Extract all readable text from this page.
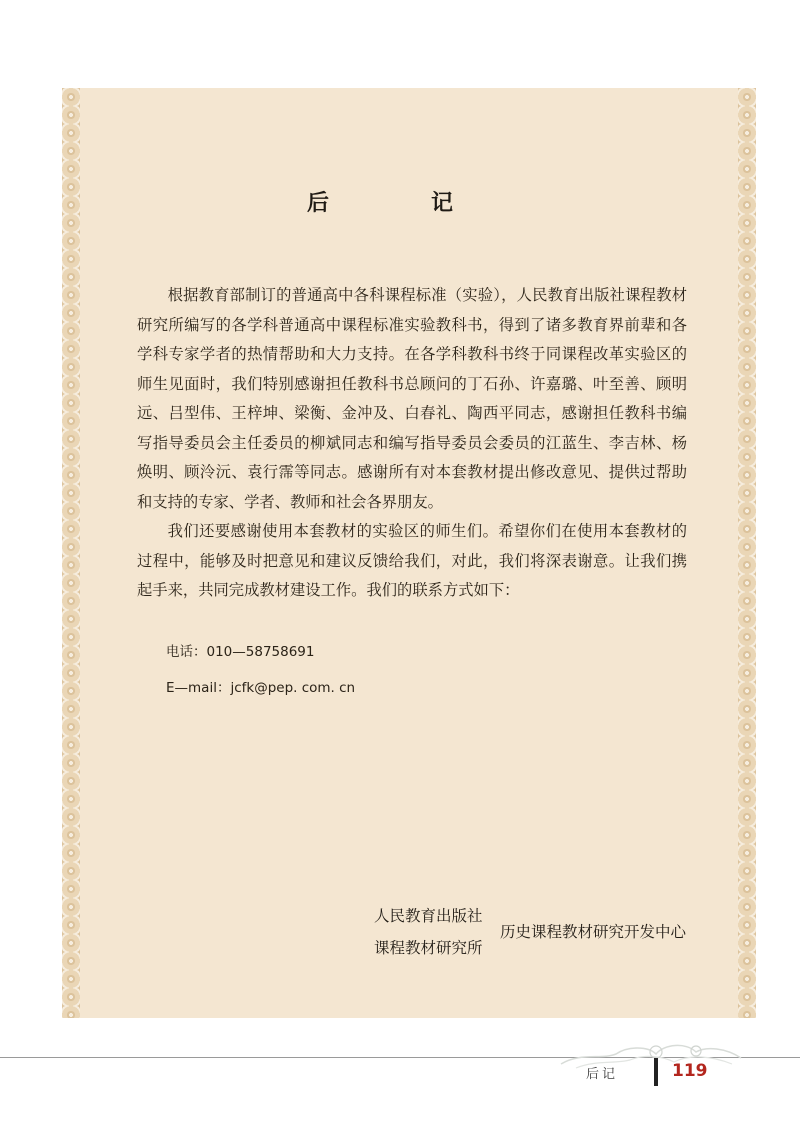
后　记

根据教育部制订的普通高中各科课程标准（实验），人民教育出版社课程教材研究所编写的各学科普通高中课程标准实验教科书，得到了诸多教育界前辈和各学科专家学者的热情帮助和大力支持。在各学科教科书终于同课程改革实验区的师生见面时，我们特别感谢担任教科书总顾问的丁石孙、许嘉璐、叶至善、顾明远、吕型伟、王梓坤、梁衡、金冲及、白春礼、陶西平同志，感谢担任教科书编写指导委员会主任委员的柳斌同志和编写指导委员会委员的江蓝生、李吉林、杨焕明、顾泠沅、袁行霈等同志。感谢所有对本套教材提出修改意见、提供过帮助和支持的专家、学者、教师和社会各界朋友。

我们还要感谢使用本套教材的实验区的师生们。希望你们在使用本套教材的过程中，能够及时把意见和建议反馈给我们，对此，我们将深表谢意。让我们携起手来，共同完成教材建设工作。我们的联系方式如下：

电话：010—58758691
E—mail：jcfk@pep. com. cn
人民教育出版社
课程教材研究所
历史课程教材研究开发中心
后记	119
